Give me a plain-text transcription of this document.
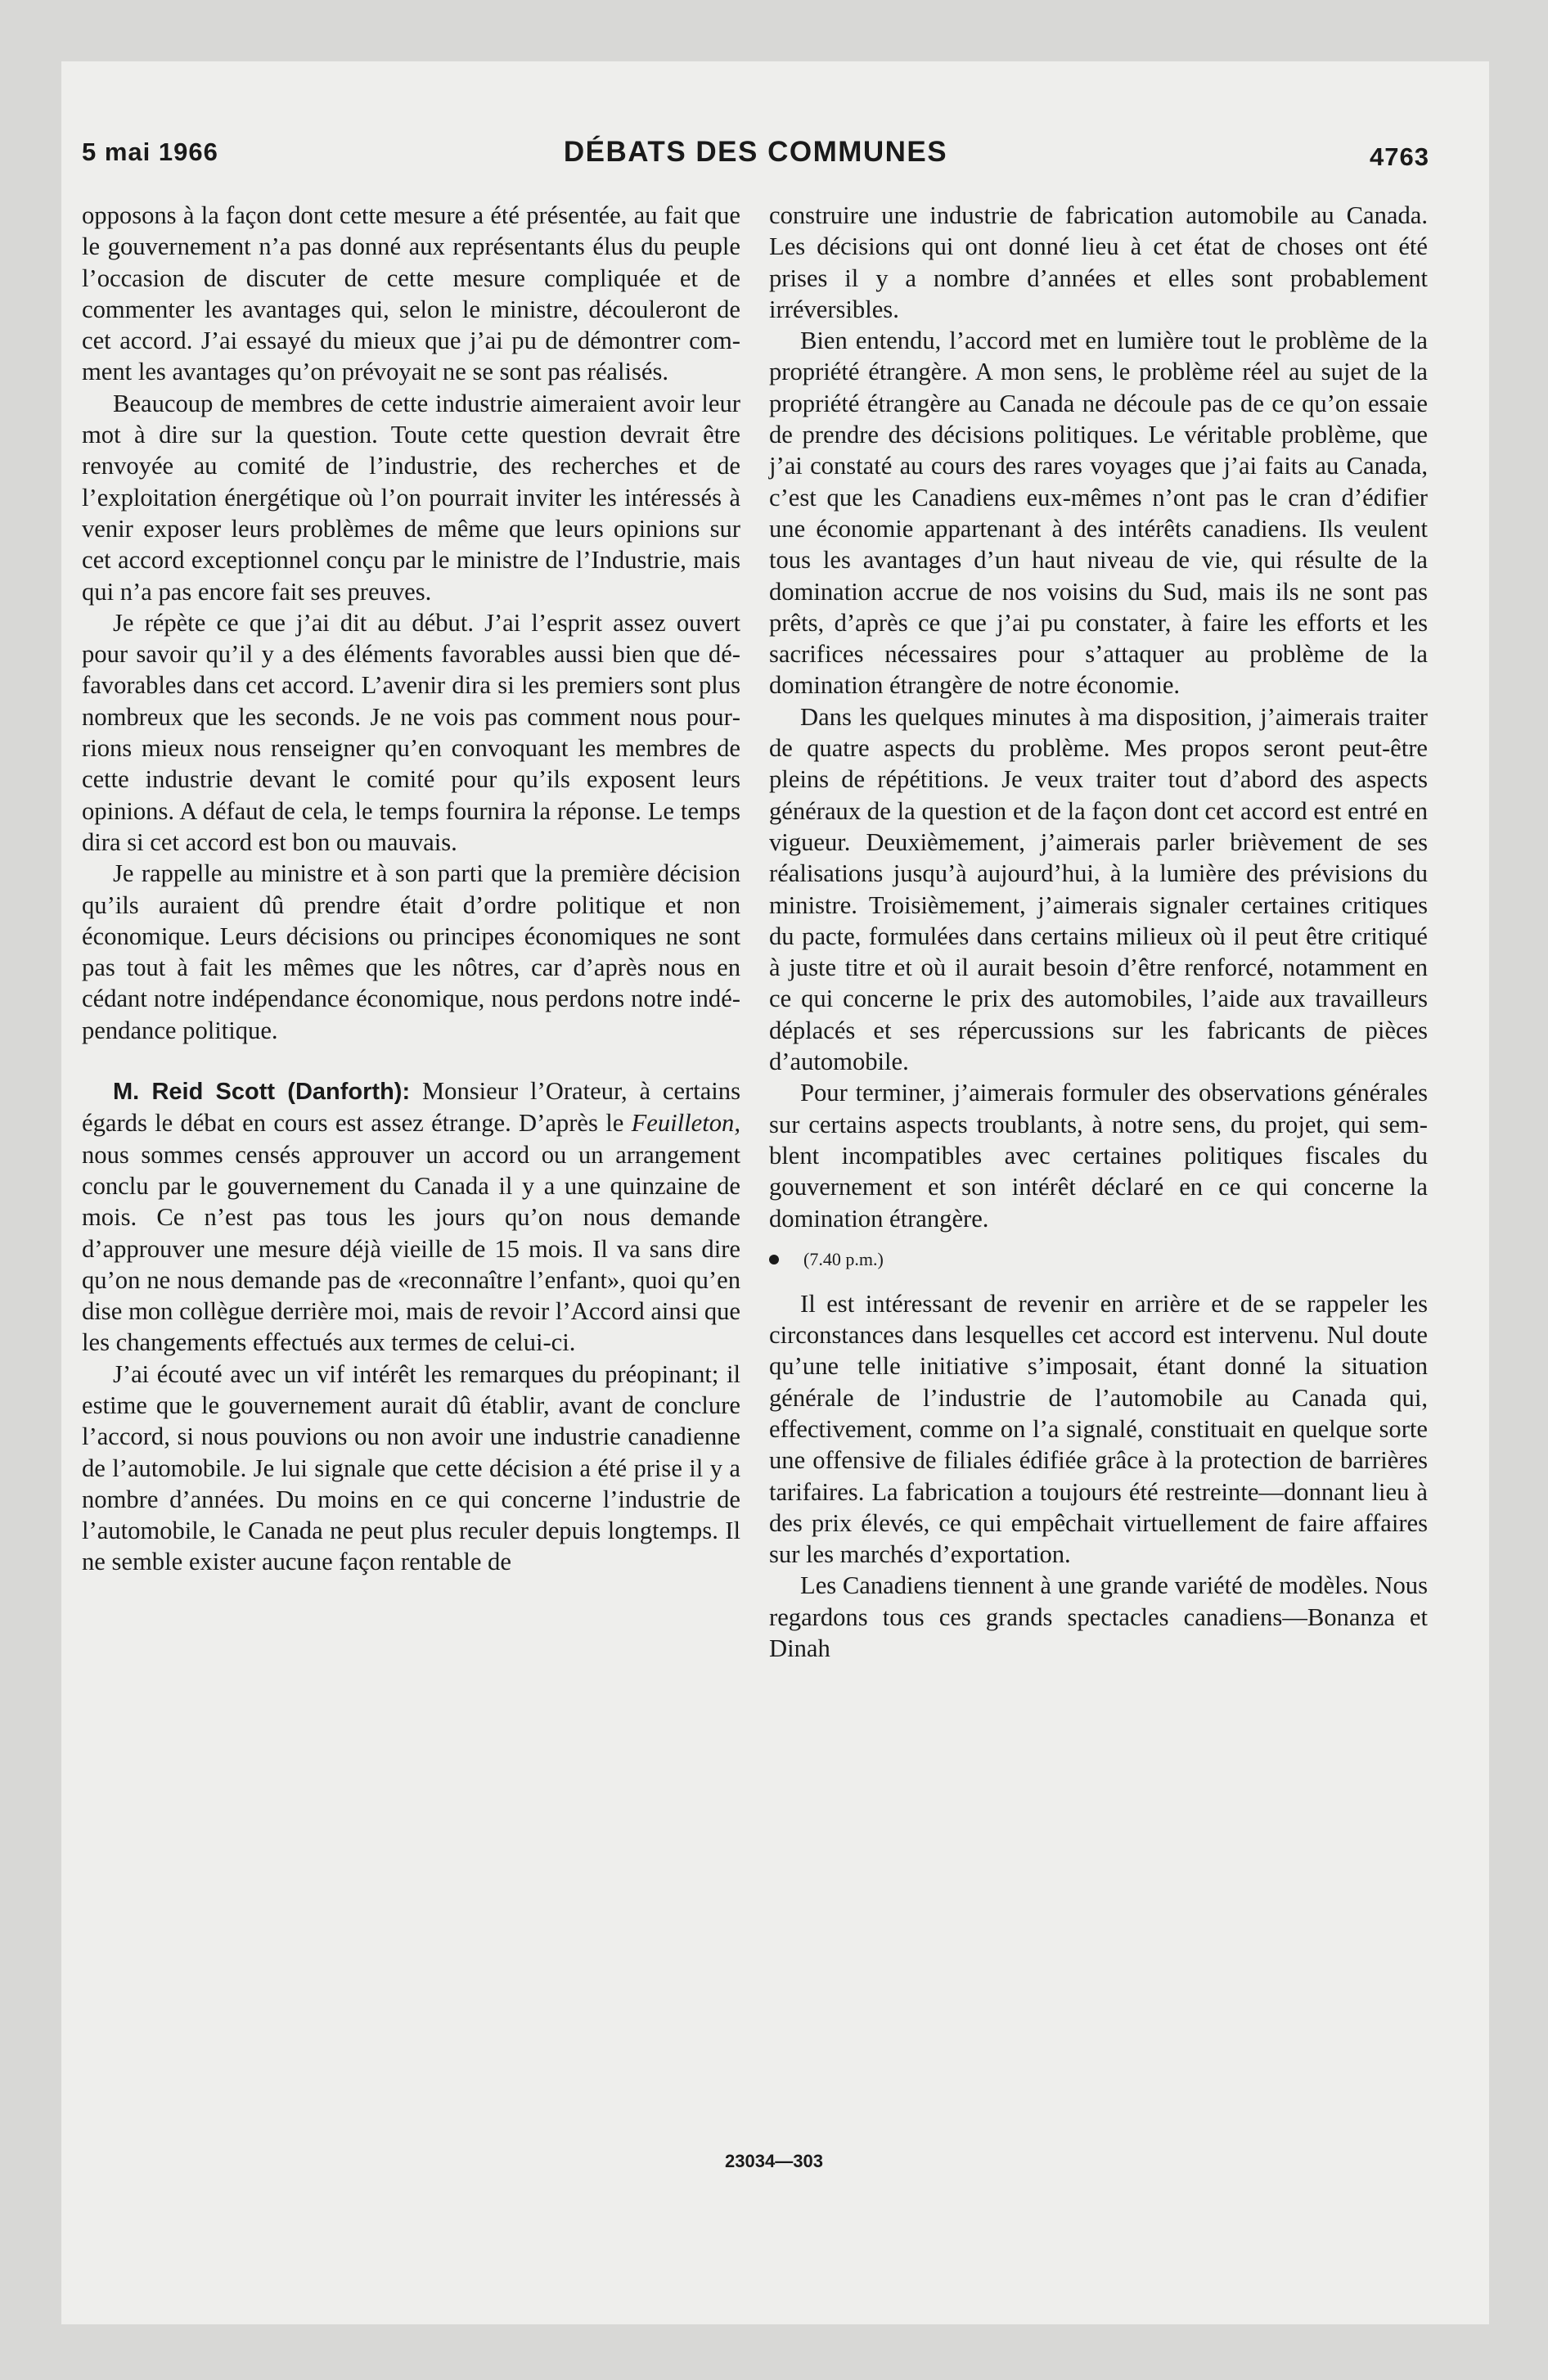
5 mai 1966	DÉBATS DES COMMUNES	4763

opposons à la façon dont cette mesure a été présentée, au fait que le gouvernement n’a pas donné aux représentants élus du peuple l’occasion de discuter de cette mesure compliquée et de commenter les avantages qui, selon le ministre, découleront de cet accord. J’ai essayé du mieux que j’ai pu de démontrer comment les avantages qu’on prévoyait ne se sont pas réalisés.

Beaucoup de membres de cette industrie aimeraient avoir leur mot à dire sur la question. Toute cette question devrait être renvoyée au comité de l’industrie, des recherches et de l’exploitation énergétique où l’on pourrait inviter les intéressés à venir exposer leurs problèmes de même que leurs opinions sur cet accord exceptionnel conçu par le ministre de l’Industrie, mais qui n’a pas encore fait ses preuves.

Je répète ce que j’ai dit au début. J’ai l’esprit assez ouvert pour savoir qu’il y a des éléments favorables aussi bien que défavorables dans cet accord. L’avenir dira si les premiers sont plus nombreux que les seconds. Je ne vois pas comment nous pourrions mieux nous renseigner qu’en convoquant les membres de cette industrie devant le comité pour qu’ils exposent leurs opinions. A défaut de cela, le temps fournira la réponse. Le temps dira si cet accord est bon ou mauvais.

Je rappelle au ministre et à son parti que la première décision qu’ils auraient dû prendre était d’ordre politique et non économique. Leurs décisions ou principes économiques ne sont pas tout à fait les mêmes que les nôtres, car d’après nous en cédant notre indépendance économique, nous perdons notre indépendance politique.

M. Reid Scott (Danforth): Monsieur l’Orateur, à certains égards le débat en cours est assez étrange. D’après le Feuilleton, nous sommes censés approuver un accord ou un arrangement conclu par le gouvernement du Canada il y a une quinzaine de mois. Ce n’est pas tous les jours qu’on nous demande d’approuver une mesure déjà vieille de 15 mois. Il va sans dire qu’on ne nous demande pas de «reconnaître l’enfant», quoi qu’en dise mon collègue derrière moi, mais de revoir l’Accord ainsi que les changements effectués aux termes de celui-ci.

J’ai écouté avec un vif intérêt les remarques du préopinant; il estime que le gouvernement aurait dû établir, avant de conclure l’accord, si nous pouvions ou non avoir une industrie canadienne de l’automobile. Je lui signale que cette décision a été prise il y a nombre d’années. Du moins en ce qui concerne l’industrie de l’automobile, le Canada ne peut plus reculer depuis longtemps. Il ne semble exister aucune façon rentable de

construire une industrie de fabrication automobile au Canada. Les décisions qui ont donné lieu à cet état de choses ont été prises il y a nombre d’années et elles sont probablement irréversibles.

Bien entendu, l’accord met en lumière tout le problème de la propriété étrangère. A mon sens, le problème réel au sujet de la propriété étrangère au Canada ne découle pas de ce qu’on essaie de prendre des décisions politiques. Le véritable problème, que j’ai constaté au cours des rares voyages que j’ai faits au Canada, c’est que les Canadiens eux-mêmes n’ont pas le cran d’édifier une économie appartenant à des intérêts canadiens. Ils veulent tous les avantages d’un haut niveau de vie, qui résulte de la domination accrue de nos voisins du Sud, mais ils ne sont pas prêts, d’après ce que j’ai pu constater, à faire les efforts et les sacrifices nécessaires pour s’attaquer au problème de la domination étrangère de notre économie.

Dans les quelques minutes à ma disposition, j’aimerais traiter de quatre aspects du problème. Mes propos seront peut-être pleins de répétitions. Je veux traiter tout d’abord des aspects généraux de la question et de la façon dont cet accord est entré en vigueur. Deuxièmement, j’aimerais parler brièvement de ses réalisations jusqu’à aujourd’hui, à la lumière des prévisions du ministre. Troisièmement, j’aimerais signaler certaines critiques du pacte, formulées dans certains milieux où il peut être critiqué à juste titre et où il aurait besoin d’être renforcé, notamment en ce qui concerne le prix des automobiles, l’aide aux travailleurs déplacés et ses répercussions sur les fabricants de pièces d’automobile.

Pour terminer, j’aimerais formuler des observations générales sur certains aspects troublants, à notre sens, du projet, qui semblent incompatibles avec certaines politiques fiscales du gouvernement et son intérêt déclaré en ce qui concerne la domination étrangère.

(7.40 p.m.)

Il est intéressant de revenir en arrière et de se rappeler les circonstances dans lesquelles cet accord est intervenu. Nul doute qu’une telle initiative s’imposait, étant donné la situation générale de l’industrie de l’automobile au Canada qui, effectivement, comme on l’a signalé, constituait en quelque sorte une offensive de filiales édifiée grâce à la protection de barrières tarifaires. La fabrication a toujours été restreinte—donnant lieu à des prix élevés, ce qui empêchait virtuellement de faire affaires sur les marchés d’exportation.

Les Canadiens tiennent à une grande variété de modèles. Nous regardons tous ces grands spectacles canadiens—Bonanza et Dinah

23034—303
